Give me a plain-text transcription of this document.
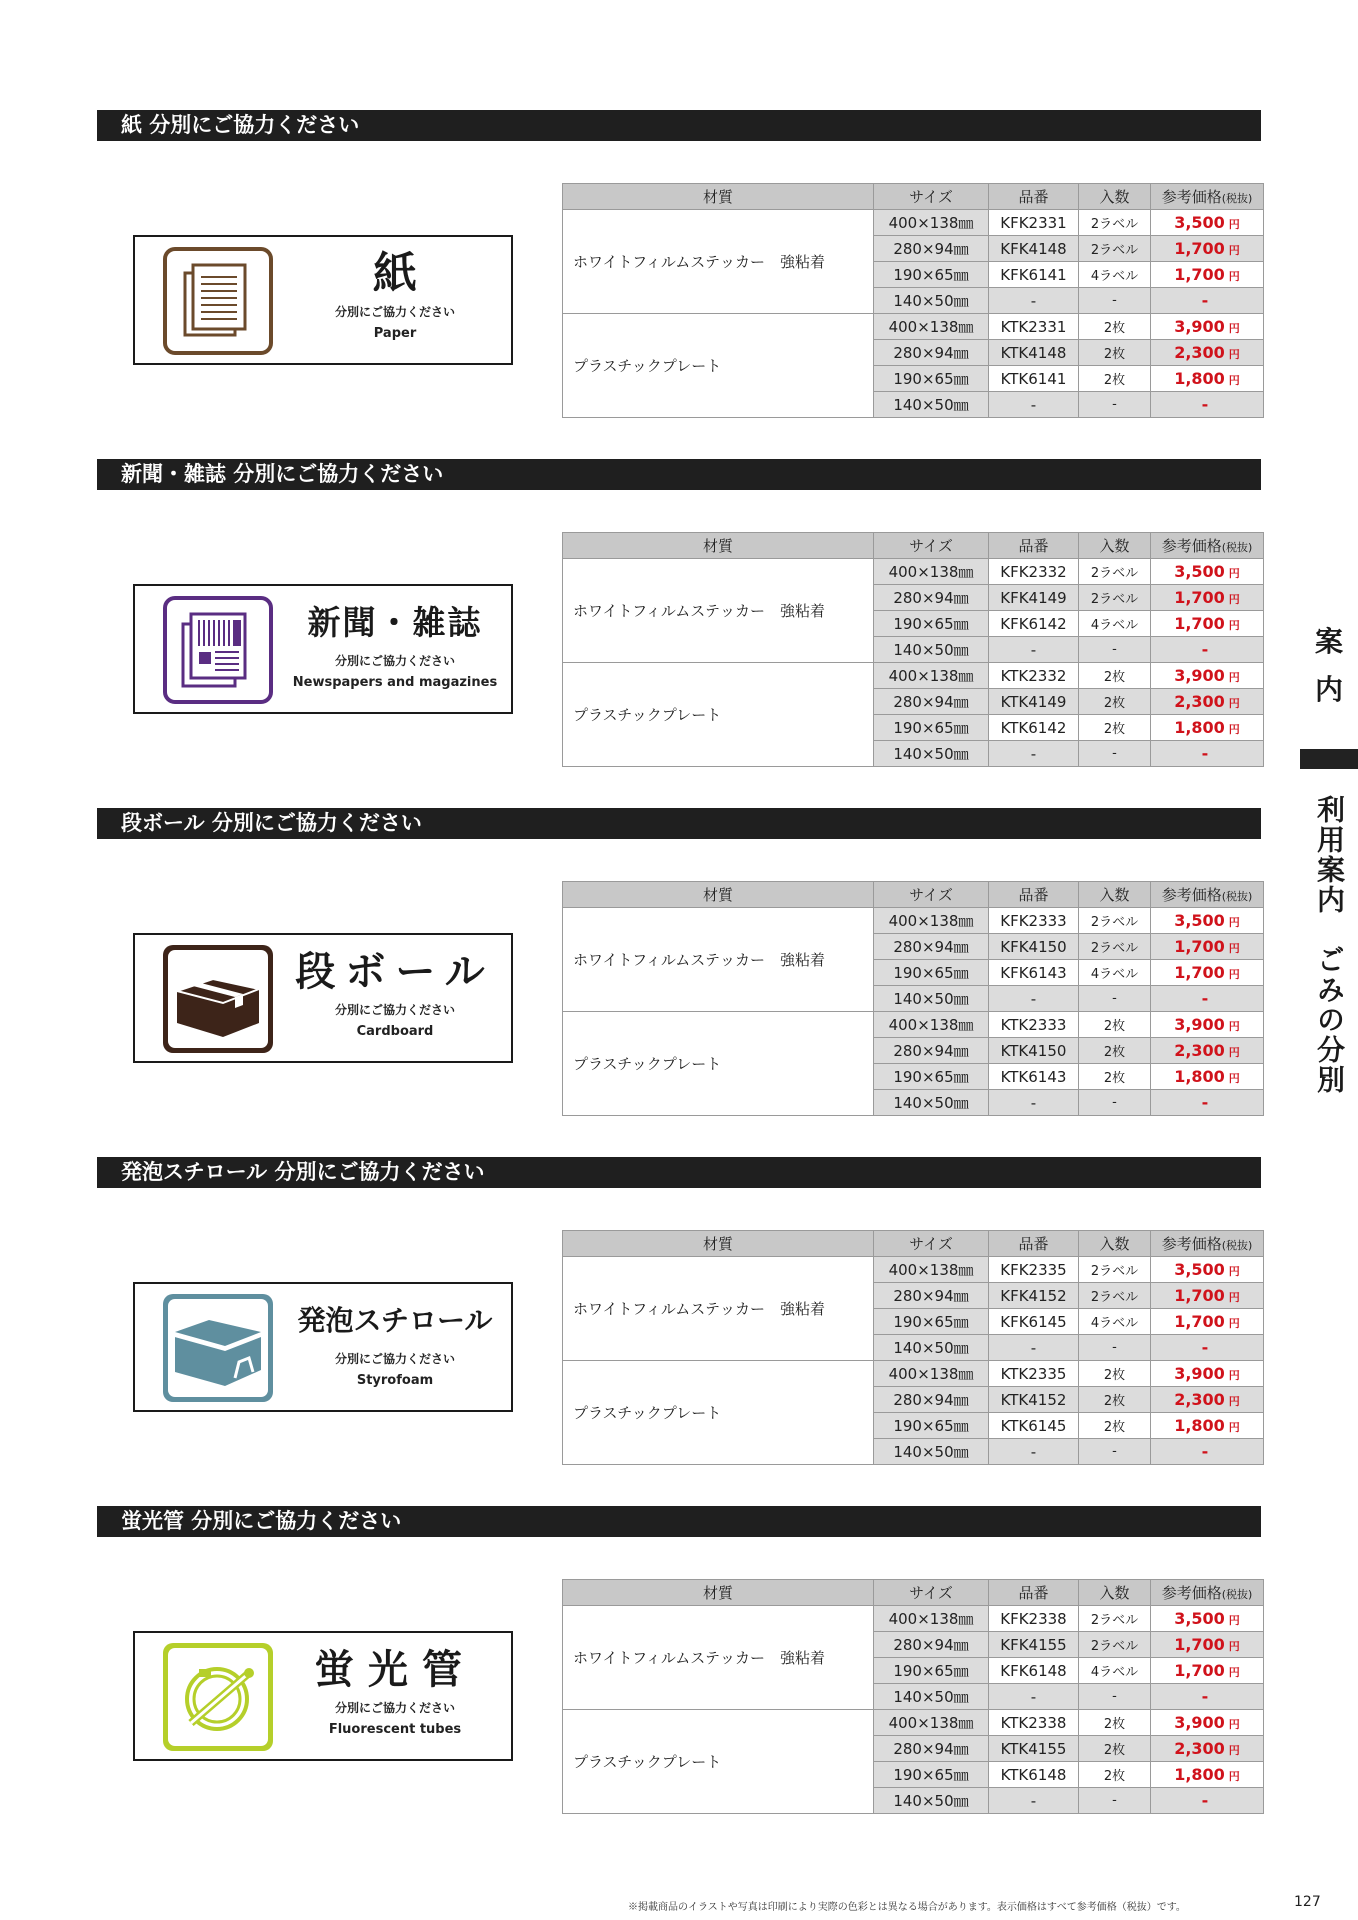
紙 分別にご協力ください
紙
分別にご協力ください
Paper
材質	サイズ	品番	入数	参考価格(税抜)
ホワイトフィルムステッカー　強粘着	400×138㎜	KFK2331	2ラベル	3,500 円
	280×94㎜	KFK4148	2ラベル	1,700 円
	190×65㎜	KFK6141	4ラベル	1,700 円
	140×50㎜	-	-	-
プラスチックプレート	400×138㎜	KTK2331	2枚	3,900 円
	280×94㎜	KTK4148	2枚	2,300 円
	190×65㎜	KTK6141	2枚	1,800 円
	140×50㎜	-	-	-
新聞・雑誌 分別にご協力ください
新聞・雑誌
分別にご協力ください
Newspapers and magazines
材質	サイズ	品番	入数	参考価格(税抜)
ホワイトフィルムステッカー　強粘着	400×138㎜	KFK2332	2ラベル	3,500 円
	280×94㎜	KFK4149	2ラベル	1,700 円
	190×65㎜	KFK6142	4ラベル	1,700 円
	140×50㎜	-	-	-
プラスチックプレート	400×138㎜	KTK2332	2枚	3,900 円
	280×94㎜	KTK4149	2枚	2,300 円
	190×65㎜	KTK6142	2枚	1,800 円
	140×50㎜	-	-	-
段ボール 分別にご協力ください
段ボール
分別にご協力ください
Cardboard
材質	サイズ	品番	入数	参考価格(税抜)
ホワイトフィルムステッカー　強粘着	400×138㎜	KFK2333	2ラベル	3,500 円
	280×94㎜	KFK4150	2ラベル	1,700 円
	190×65㎜	KFK6143	4ラベル	1,700 円
	140×50㎜	-	-	-
プラスチックプレート	400×138㎜	KTK2333	2枚	3,900 円
	280×94㎜	KTK4150	2枚	2,300 円
	190×65㎜	KTK6143	2枚	1,800 円
	140×50㎜	-	-	-
発泡スチロール 分別にご協力ください
発泡スチロール
分別にご協力ください
Styrofoam
材質	サイズ	品番	入数	参考価格(税抜)
ホワイトフィルムステッカー　強粘着	400×138㎜	KFK2335	2ラベル	3,500 円
	280×94㎜	KFK4152	2ラベル	1,700 円
	190×65㎜	KFK6145	4ラベル	1,700 円
	140×50㎜	-	-	-
プラスチックプレート	400×138㎜	KTK2335	2枚	3,900 円
	280×94㎜	KTK4152	2枚	2,300 円
	190×65㎜	KTK6145	2枚	1,800 円
	140×50㎜	-	-	-
蛍光管 分別にご協力ください
蛍光管
分別にご協力ください
Fluorescent tubes
材質	サイズ	品番	入数	参考価格(税抜)
ホワイトフィルムステッカー　強粘着	400×138㎜	KFK2338	2ラベル	3,500 円
	280×94㎜	KFK4155	2ラベル	1,700 円
	190×65㎜	KFK6148	4ラベル	1,700 円
	140×50㎜	-	-	-
プラスチックプレート	400×138㎜	KTK2338	2枚	3,900 円
	280×94㎜	KTK4155	2枚	2,300 円
	190×65㎜	KTK6148	2枚	1,800 円
	140×50㎜	-	-	-
案
内
利用案内　ごみの分別
※掲載商品のイラストや写真は印刷により実際の色彩とは異なる場合があります。表示価格はすべて参考価格（税抜）です。	127
